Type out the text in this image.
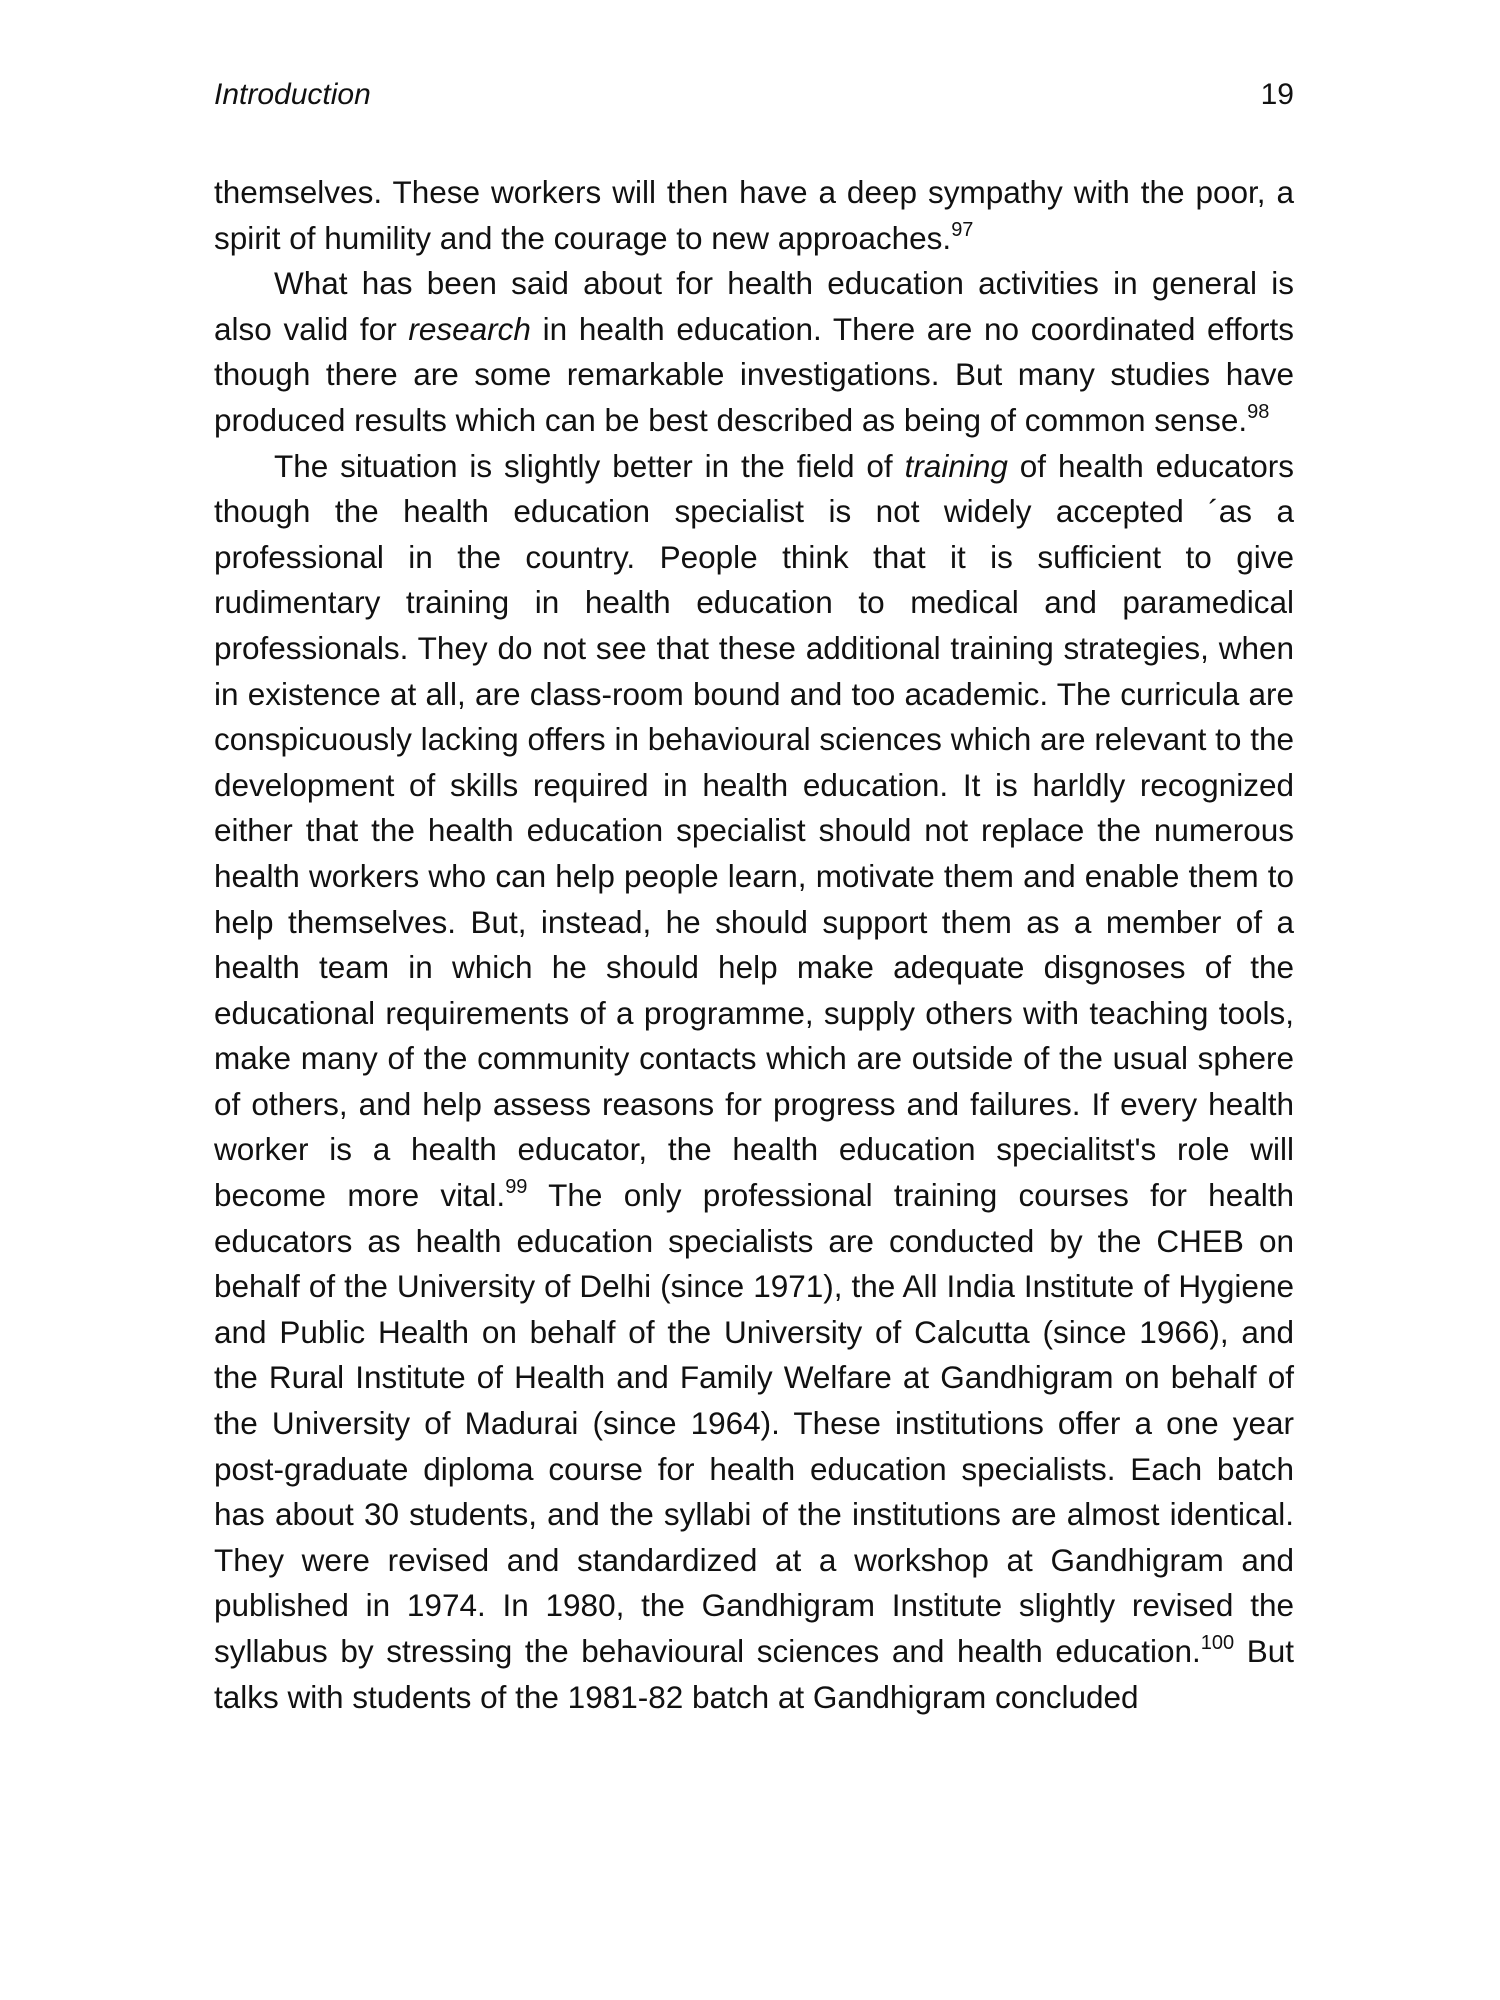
Introduction	19

themselves. These workers will then have a deep sympathy with the poor, a spirit of humility and the courage to new approaches.$^{97}$

What has been said about for health education activities in general is also valid for research in health education. There are no coordinated efforts though there are some remarkable investigations. But many studies have produced results which can be best described as being of common sense.$^{98}$

The situation is slightly better in the field of training of health educators though the health education specialist is not widely accepted ´as a professional in the country. People think that it is sufficient to give rudimentary training in health education to medical and paramedical professionals. They do not see that these additional training strategies, when in existence at all, are class-room bound and too academic. The curricula are conspicuously lacking offers in behavioural sciences which are relevant to the development of skills required in health education. It is harldly recognized either that the health education specialist should not replace the numerous health workers who can help people learn, motivate them and enable them to help themselves. But, instead, he should support them as a member of a health team in which he should help make adequate disgnoses of the educational requirements of a programme, supply others with teaching tools, make many of the community contacts which are outside of the usual sphere of others, and help assess reasons for progress and failures. If every health worker is a health educator, the health education specialitst's role will become more vital.$^{99}$ The only professional training courses for health educators as health education specialists are conducted by the CHEB on behalf of the University of Delhi (since 1971), the All India Institute of Hygiene and Public Health on behalf of the University of Calcutta (since 1966), and the Rural Institute of Health and Family Welfare at Gandhigram on behalf of the University of Madurai (since 1964). These institutions offer a one year post-graduate diploma course for health education specialists. Each batch has about 30 students, and the syllabi of the institutions are almost identical. They were revised and standardized at a workshop at Gandhigram and published in 1974. In 1980, the Gandhigram Institute slightly revised the syllabus by stressing the behavioural sciences and health education.$^{100}$ But talks with students of the 1981-82 batch at Gandhigram concluded
